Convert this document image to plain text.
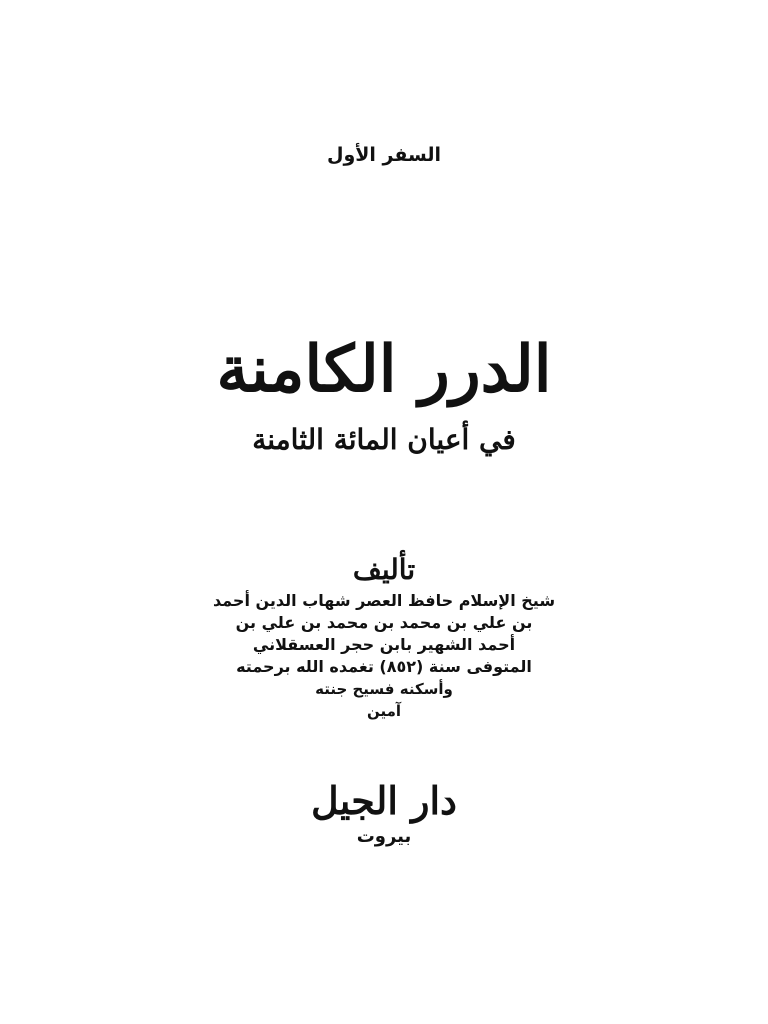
السفر الأول
الدرر الكامنة
في أعيان المائة الثامنة
تأليف
شيخ الإسلام حافظ العصر شهاب الدين أحمد
بن علي بن محمد بن محمد بن علي بن
أحمد الشهير بابن حجر العسقلاني
المتوفى سنة (٨٥٢) تغمده الله برحمته
وأسكنه فسيح جنته
آمين
دار الجيل
بيروت
